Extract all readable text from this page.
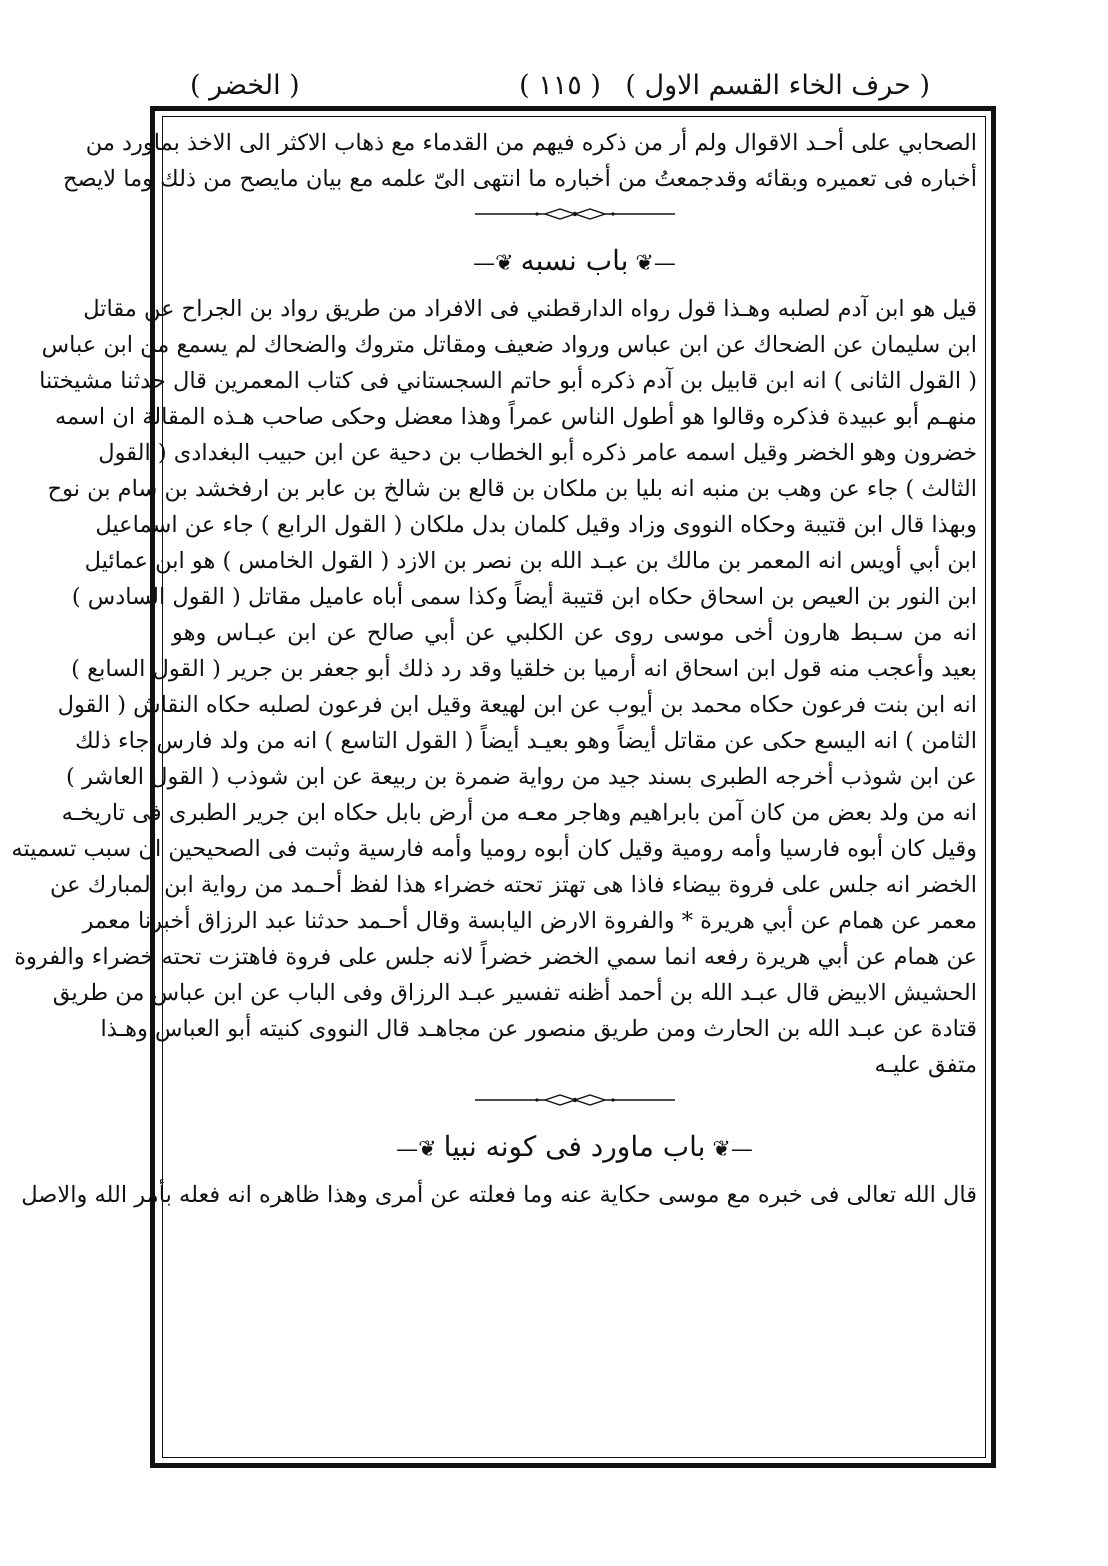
( حرف الخاء القسم الاول )
( ١١٥ )
( الخضر )
الصحابي على أحـد الاقوال ولم أر من ذكره فيهم من القدماء مع ذهاب الاكثر الى الاخذ بماورد من
أخباره فى تعميره وبقائه وقدجمعتُ من أخباره ما انتهى الىّ علمه مع بيان مايصح من ذلك وما لايصح
—❦ باب نسبه ❦—
قيل هو ابن آدم لصلبه وهـذا قول رواه الدارقطني فى الافراد من طريق رواد بن الجراح عن مقاتل
ابن سليمان عن الضحاك عن ابن عباس ورواد ضعيف ومقاتل متروك والضحاك لم يسمع من ابن عباس
( القول الثانى ) انه ابن قابيل بن آدم ذكره أبو حاتم السجستاني فى كتاب المعمرين قال حدثنا مشيختنا
منهـم أبو عبيدة فذكره وقالوا هو أطول الناس عمراً وهذا معضل وحكى صاحب هـذه المقالة ان اسمه
خضرون وهو الخضر وقيل اسمه عامر ذكره أبو الخطاب بن دحية عن ابن حبيب البغدادى ( القول
الثالث ) جاء عن وهب بن منبه انه بليا بن ملكان بن قالع بن شالخ بن عابر بن ارفخشد بن سام بن نوح
وبهذا قال ابن قتيبة وحكاه النووى وزاد وقيل كلمان بدل ملكان ( القول الرابع ) جاء عن اسماعيل
ابن أبي أويس انه المعمر بن مالك بن عبـد الله بن نصر بن الازد ( القول الخامس ) هو ابن عمائيل
ابن النور بن العيص بن اسحاق حكاه ابن قتيبة أيضاً وكذا سمى أباه عاميل مقاتل ( القول السادس )
انه من سـبط هارون أخى موسى روى عن الكلبي عن أبي صالح عن ابن عبـاس وهو
بعيد وأعجب منه قول ابن اسحاق انه أرميا بن خلقيا وقد رد ذلك أبو جعفر بن جرير ( القول السابع )
انه ابن بنت فرعون حكاه محمد بن أيوب عن ابن لهيعة وقيل ابن فرعون لصلبه حكاه النقاش ( القول
الثامن ) انه اليسع حكى عن مقاتل أيضاً وهو بعيـد أيضاً ( القول التاسع ) انه من ولد فارس جاء ذلك
عن ابن شوذب أخرجه الطبرى بسند جيد من رواية ضمرة بن ربيعة عن ابن شوذب ( القول العاشر )
انه من ولد بعض من كان آمن بابراهيم وهاجر معـه من أرض بابل حكاه ابن جرير الطبرى فى تاريخـه
وقيل كان أبوه فارسيا وأمه رومية وقيل كان أبوه روميا وأمه فارسية وثبت فى الصحيحين ان سبب تسميته
الخضر انه جلس على فروة بيضاء فاذا هى تهتز تحته خضراء هذا لفظ أحـمد من رواية ابن المبارك عن
معمر عن همام عن أبي هريرة * والفروة الارض اليابسة وقال أحـمد حدثنا عبد الرزاق أخبرنا معمر
عن همام عن أبي هريرة رفعه انما سمي الخضر خضراً لانه جلس على فروة فاهتزت تحته خضراء والفروة
الحشيش الابيض قال عبـد الله بن أحمد أظنه تفسير عبـد الرزاق وفى الباب عن ابن عباس من طريق
قتادة عن عبـد الله بن الحارث ومن طريق منصور عن مجاهـد قال النووى كنيته أبو العباس وهـذا
متفق عليـه
—❦ باب ماورد فى كونه نبيا ❦—
قال الله تعالى فى خبره مع موسى حكاية عنه وما فعلته عن أمرى وهذا ظاهره انه فعله بأمر الله والاصل
